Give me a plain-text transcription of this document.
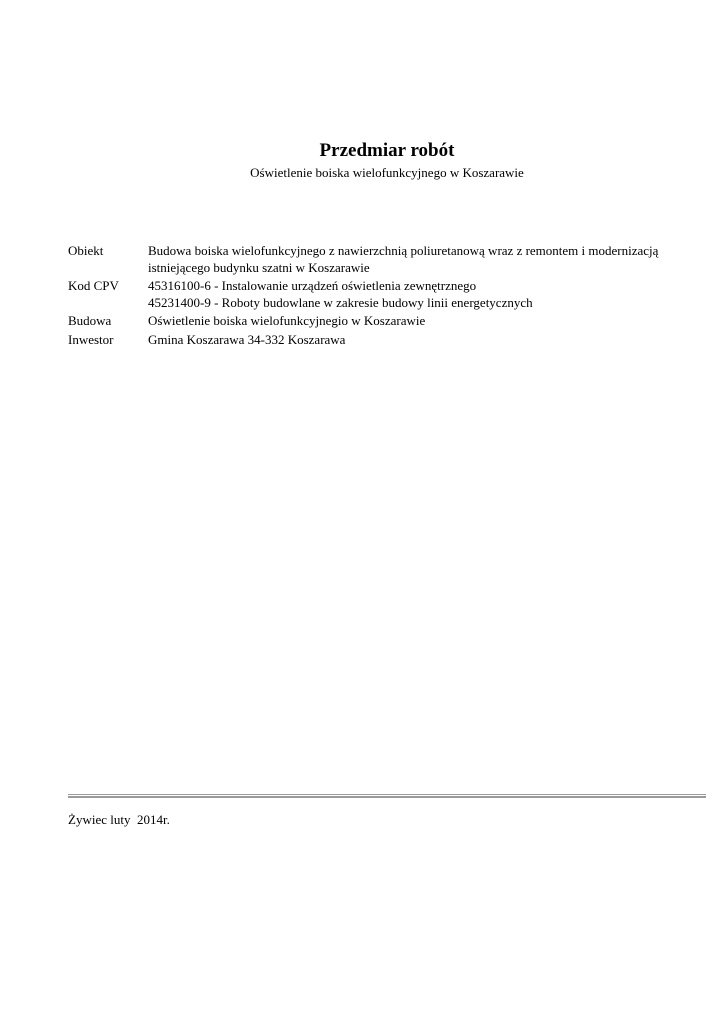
Przedmiar robót
Oświetlenie boiska wielofunkcyjnego w Koszarawie
Obiekt	Budowa boiska wielofunkcyjnego z nawierzchnią poliuretanową wraz z remontem i modernizacją
istniejącego budynku szatni w Koszarawie
Kod CPV	45316100-6 - Instalowanie urządzeń oświetlenia zewnętrznego
45231400-9 - Roboty budowlane w zakresie budowy linii energetycznych
Budowa	Oświetlenie boiska wielofunkcyjnegio w Koszarawie
Inwestor	Gmina Koszarawa 34-332 Koszarawa
Żywiec luty  2014r.
